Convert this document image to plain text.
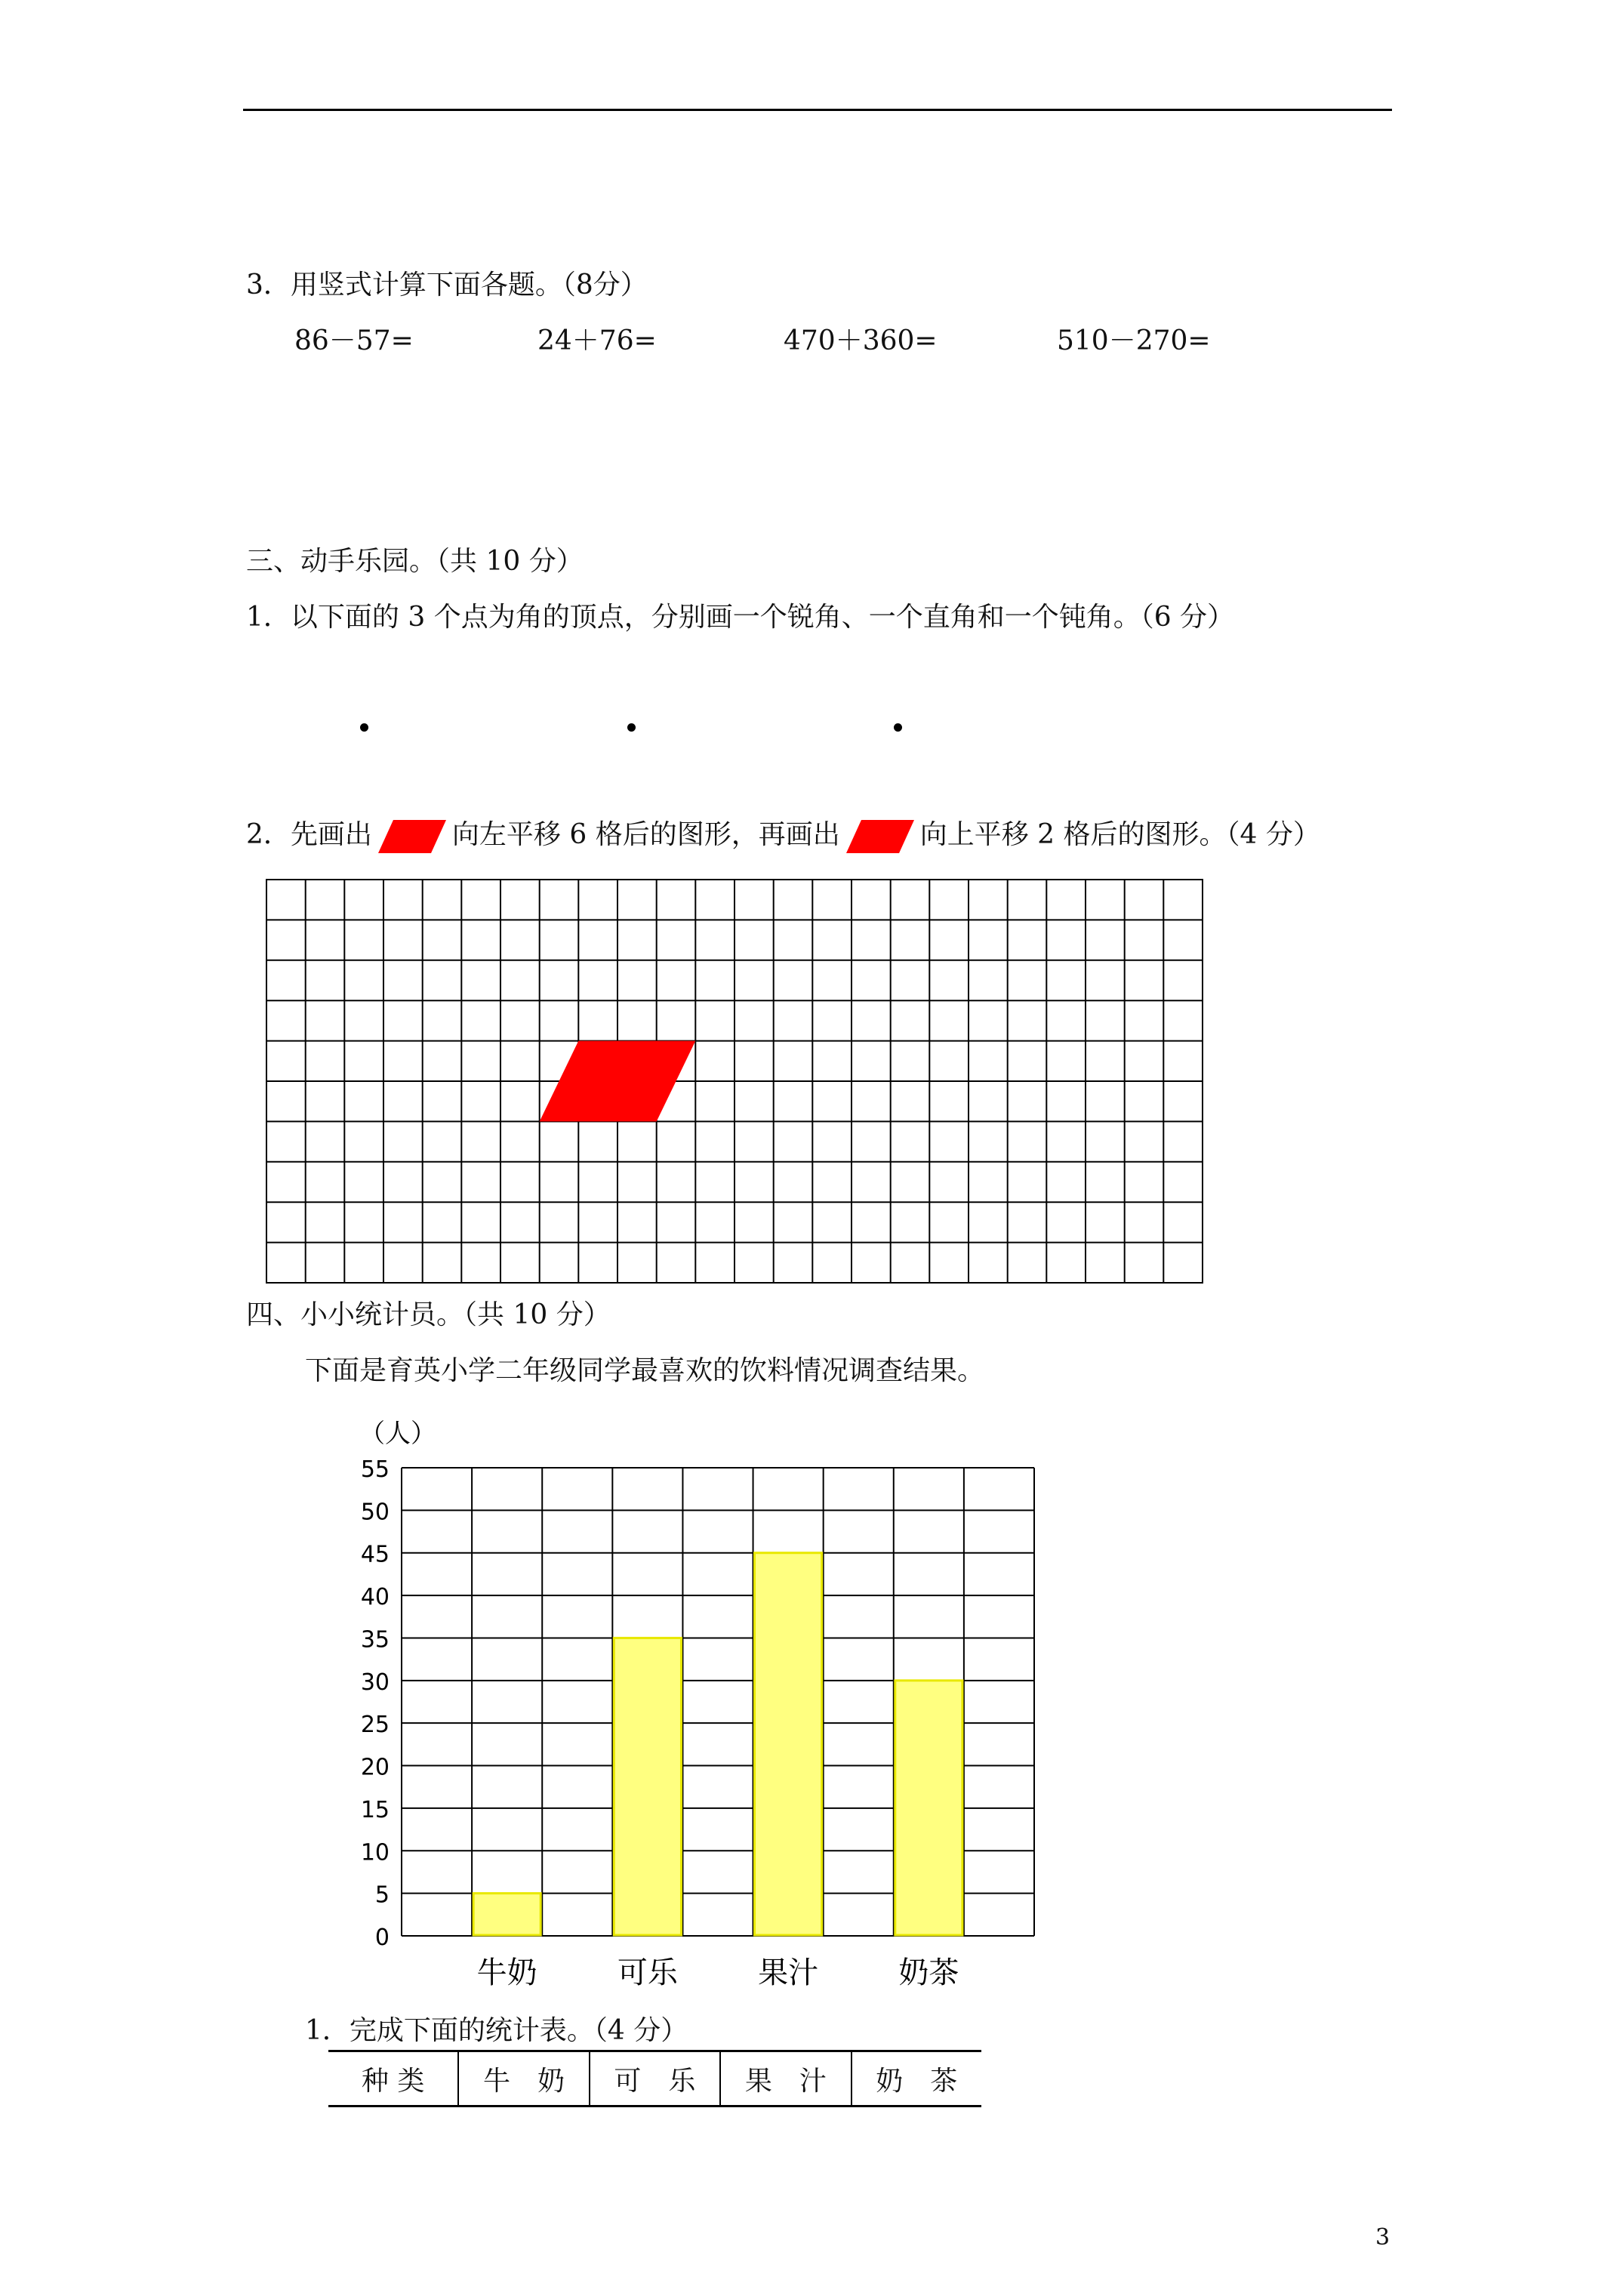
3．用竖式计算下面各题。（8分）
86－57=	24＋76=	470＋360=	510－270=
三、动手乐园。（共 10 分）
1．以下面的 3 个点为角的顶点，分别画一个锐角、一个直角和一个钝角。（6 分）
2．先画出	向左平移 6 格后的图形，再画出	向上平移 2 格后的图形。（4 分）
四、小小统计员。（共 10 分）
下面是育英小学二年级同学最喜欢的饮料情况调查结果。
（人）
0
5
10
15
20
25
30
35
40
45
50
55
牛奶	可乐	果汁	奶茶
1．完成下面的统计表。（4 分）
种 类	牛　奶	可　乐	果　汁	奶　茶
3
